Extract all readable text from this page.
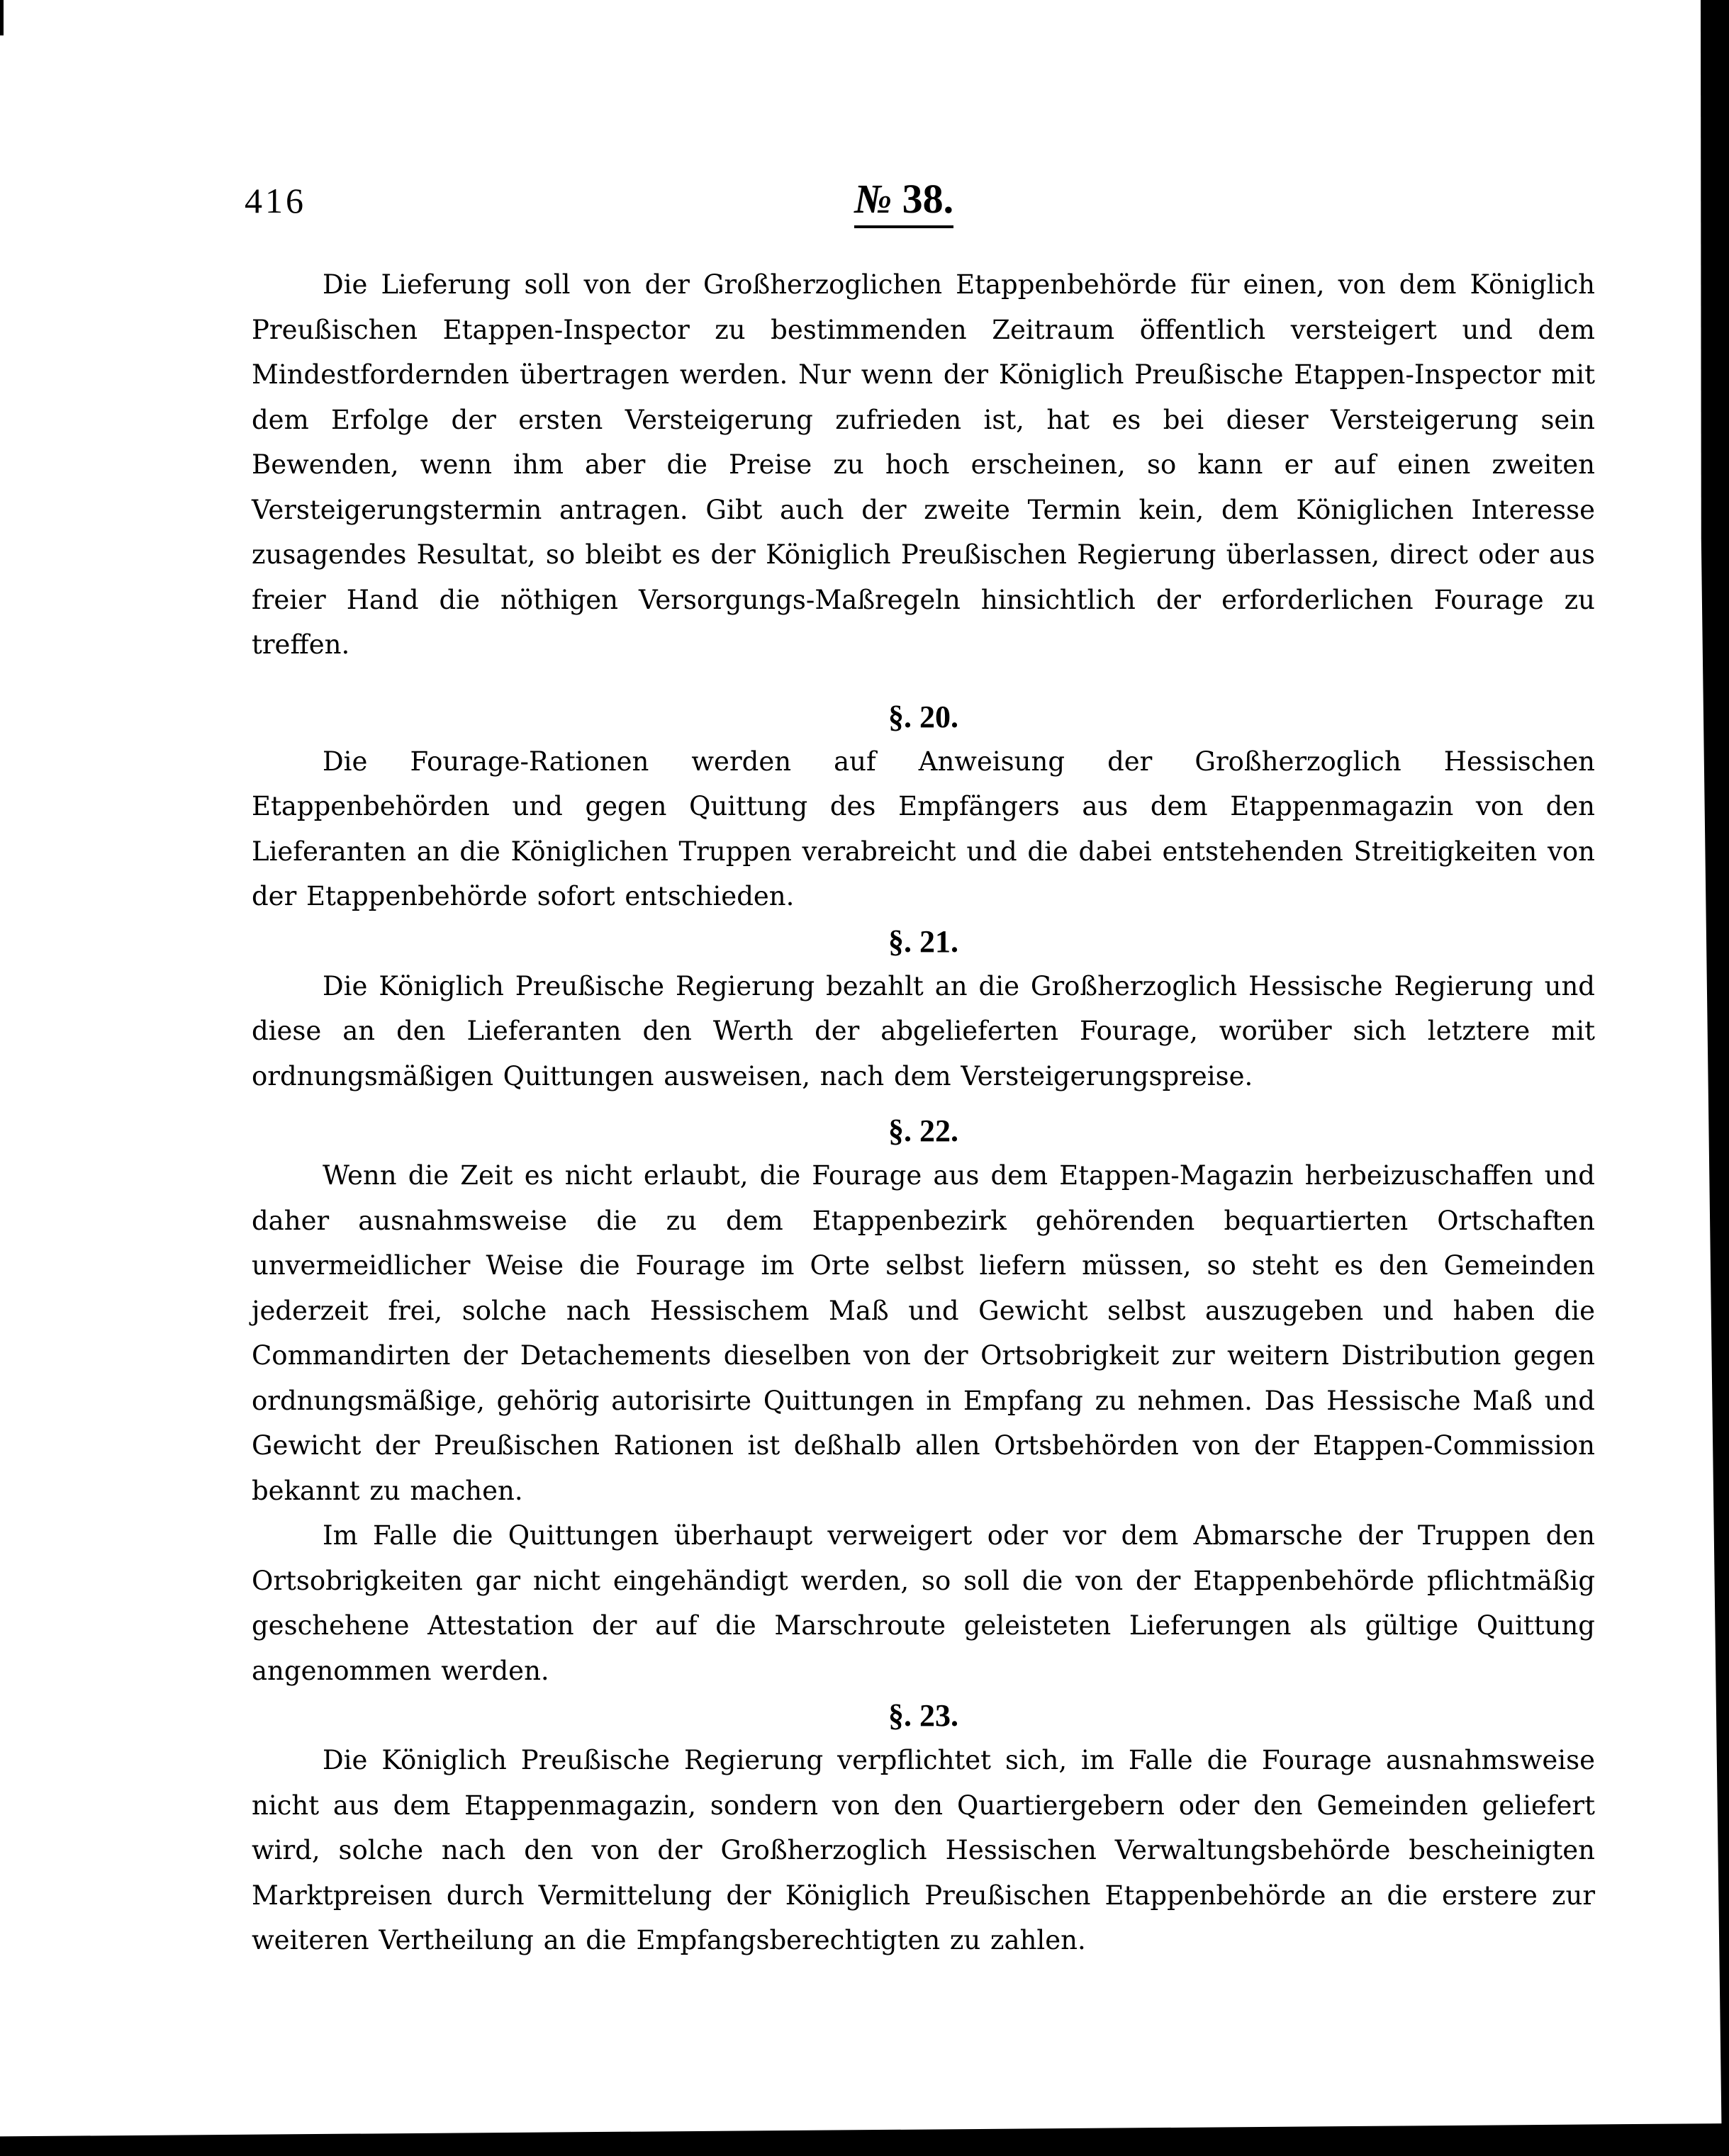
416	№ 38.

Die Lieferung soll von der Großherzoglichen Etappenbehörde für einen, von dem Königlich Preußischen Etappen-Inspector zu bestimmenden Zeitraum öffentlich versteigert und dem Mindestfordernden übertragen werden. Nur wenn der Königlich Preußische Etappen-Inspector mit dem Erfolge der ersten Versteigerung zufrieden ist, hat es bei dieser Versteigerung sein Bewenden, wenn ihm aber die Preise zu hoch erscheinen, so kann er auf einen zweiten Versteigerungstermin antragen. Gibt auch der zweite Termin kein, dem Königlichen Interesse zusagendes Resultat, so bleibt es der Königlich Preußischen Regierung überlassen, direct oder aus freier Hand die nöthigen Versorgungs-Maßregeln hinsichtlich der erforderlichen Fourage zu treffen.

§. 20.

Die Fourage-Rationen werden auf Anweisung der Großherzoglich Hessischen Etappenbehörden und gegen Quittung des Empfängers aus dem Etappenmagazin von den Lieferanten an die Königlichen Truppen verabreicht und die dabei entstehenden Streitigkeiten von der Etappenbehörde sofort entschieden.

§. 21.

Die Königlich Preußische Regierung bezahlt an die Großherzoglich Hessische Regierung und diese an den Lieferanten den Werth der abgelieferten Fourage, worüber sich letztere mit ordnungsmäßigen Quittungen ausweisen, nach dem Versteigerungspreise.

§. 22.

Wenn die Zeit es nicht erlaubt, die Fourage aus dem Etappen-Magazin herbeizuschaffen und daher ausnahmsweise die zu dem Etappenbezirk gehörenden bequartierten Ortschaften unvermeidlicher Weise die Fourage im Orte selbst liefern müssen, so steht es den Gemeinden jederzeit frei, solche nach Hessischem Maß und Gewicht selbst auszugeben und haben die Commandirten der Detachements dieselben von der Ortsobrigkeit zur weitern Distribution gegen ordnungsmäßige, gehörig autorisirte Quittungen in Empfang zu nehmen. Das Hessische Maß und Gewicht der Preußischen Rationen ist deßhalb allen Ortsbehörden von der Etappen-Commission bekannt zu machen.

Im Falle die Quittungen überhaupt verweigert oder vor dem Abmarsche der Truppen den Ortsobrigkeiten gar nicht eingehändigt werden, so soll die von der Etappenbehörde pflichtmäßig geschehene Attestation der auf die Marschroute geleisteten Lieferungen als gültige Quittung angenommen werden.

§. 23.

Die Königlich Preußische Regierung verpflichtet sich, im Falle die Fourage ausnahmsweise nicht aus dem Etappenmagazin, sondern von den Quartiergebern oder den Gemeinden geliefert wird, solche nach den von der Großherzoglich Hessischen Verwaltungsbehörde bescheinigten Marktpreisen durch Vermittelung der Königlich Preußischen Etappenbehörde an die erstere zur weiteren Vertheilung an die Empfangsberechtigten zu zahlen.
